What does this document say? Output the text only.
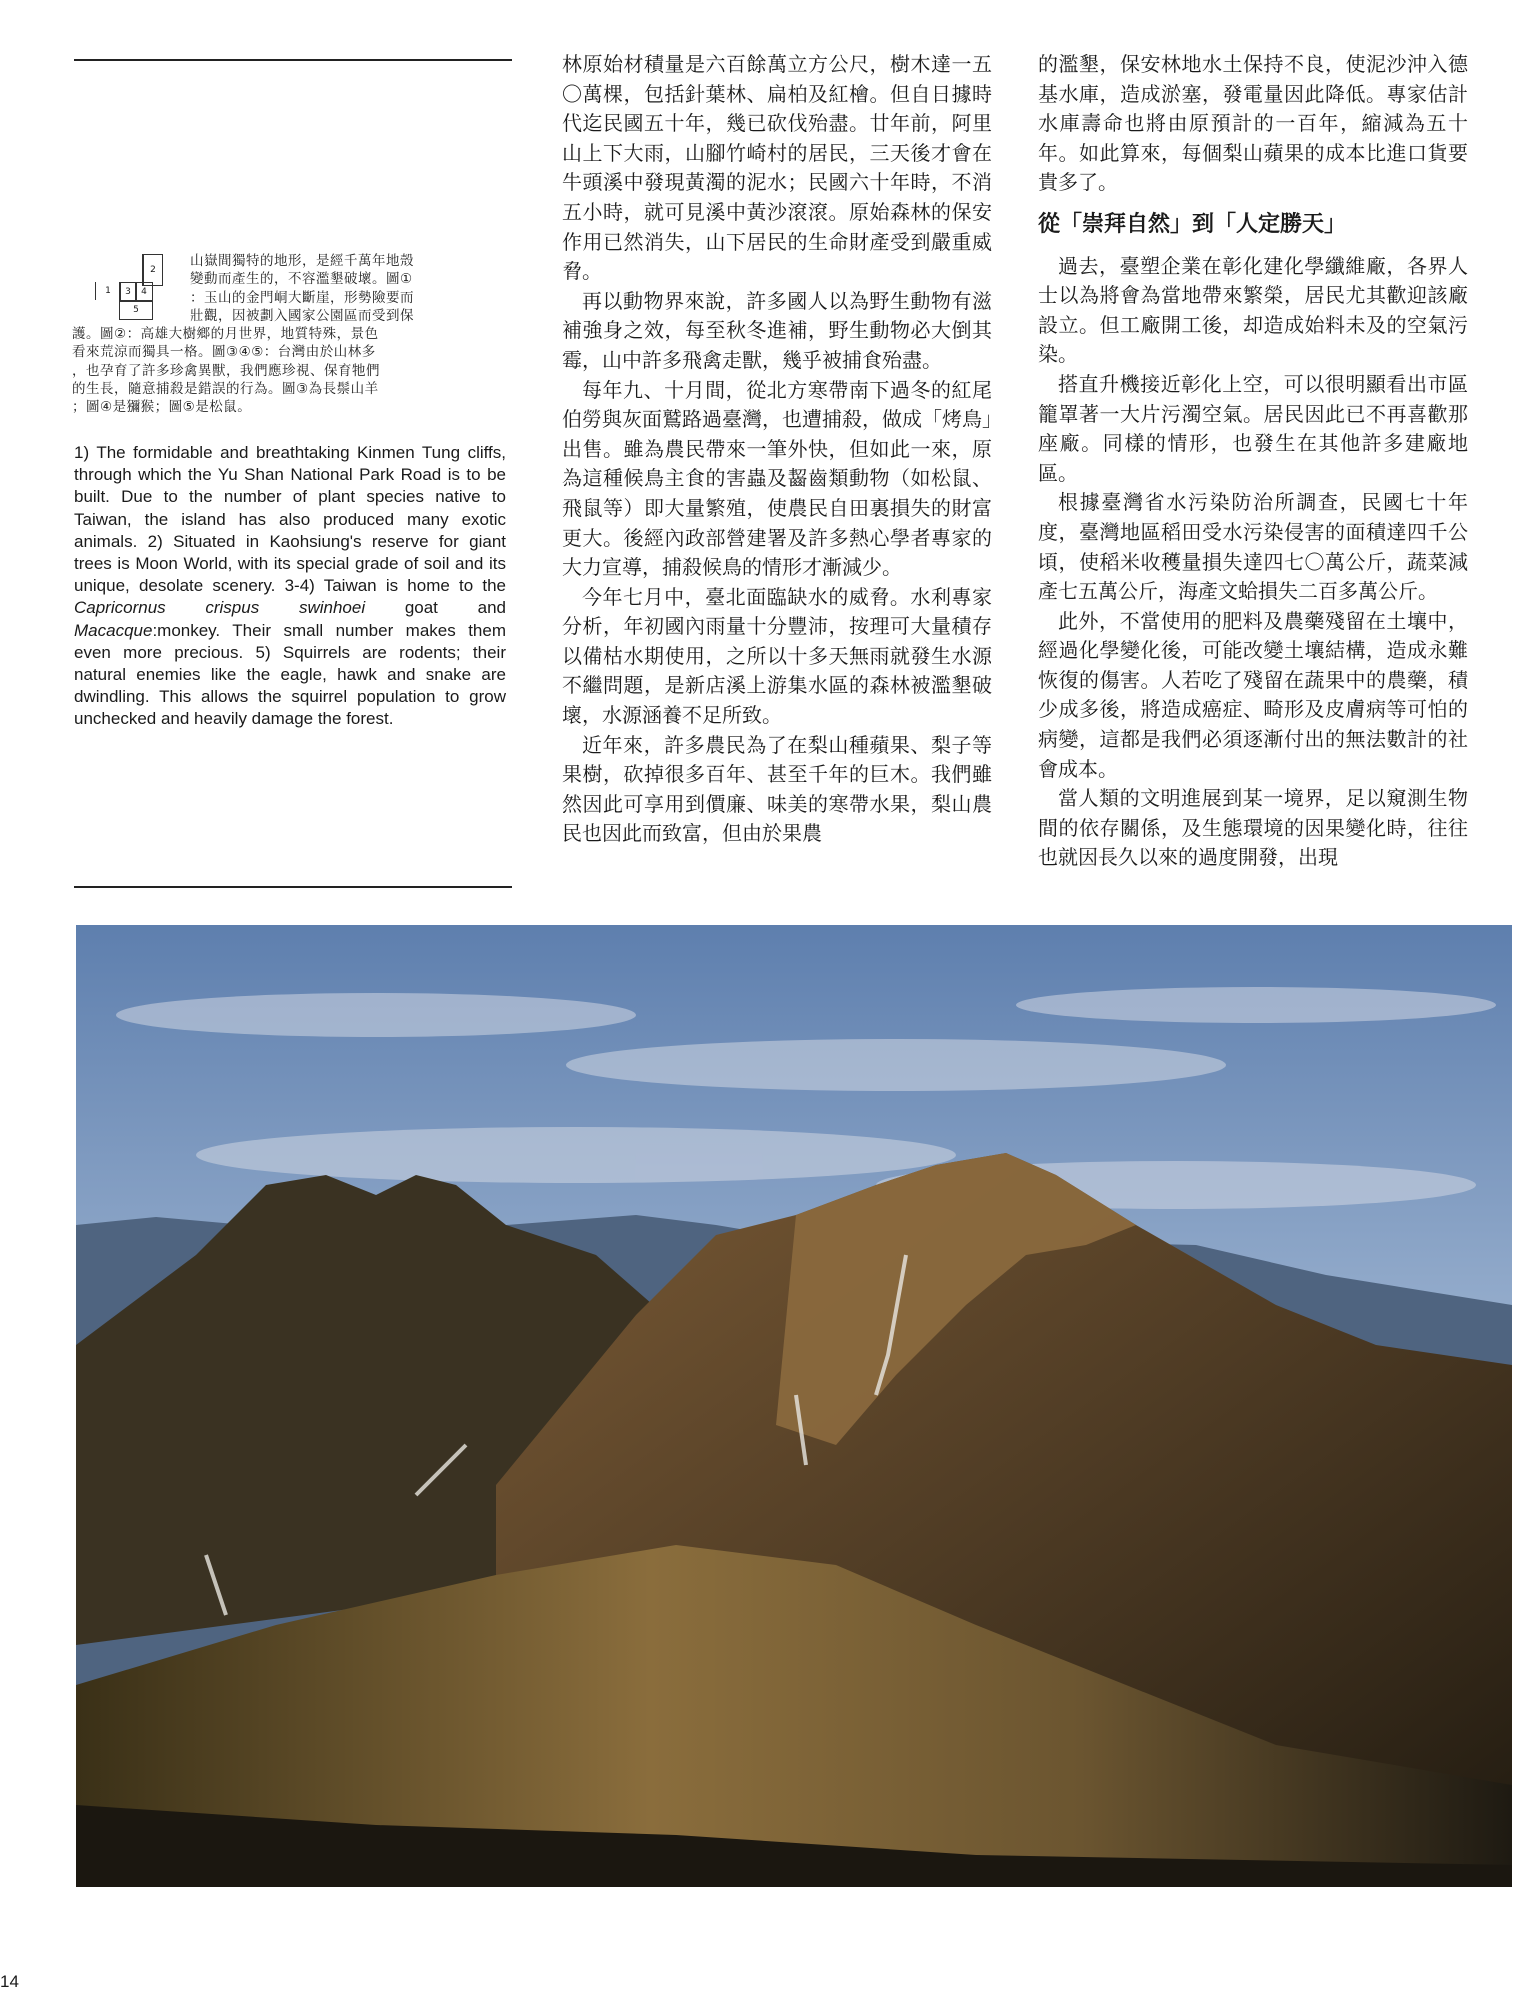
2
1 3 4
5
山嶽間獨特的地形，是經千萬年地殼
變動而產生的，不容濫墾破壞。圖①
：玉山的金門峒大斷崖，形勢險要而
壯觀，因被劃入國家公園區而受到保
護。圖②：高雄大樹鄉的月世界，地質特殊，景色
看來荒涼而獨具一格。圖③④⑤：台灣由於山林多
，也孕育了許多珍禽異獸，我們應珍視、保育牠們
的生長，隨意捕殺是錯誤的行為。圖③為長鬃山羊
；圖④是獼猴；圖⑤是松鼠。
1) The formidable and breathtaking Kinmen Tung cliffs, through which the Yu Shan National Park Road is to be built. Due to the number of plant species native to Taiwan, the island has also produced many exotic animals. 2) Situated in Kaohsiung's reserve for giant trees is Moon World, with its special grade of soil and its unique, desolate scenery. 3-4) Taiwan is home to the Capricornus crispus swinhoei goat and Macacque:monkey. Their small number makes them even more precious. 5) Squirrels are rodents; their natural enemies like the eagle, hawk and snake are dwindling. This allows the squirrel population to grow unchecked and heavily damage the forest.

林原始材積量是六百餘萬立方公尺，樹木達一五〇萬棵，包括針葉林、扁柏及紅檜。但自日據時代迄民國五十年，幾已砍伐殆盡。廿年前，阿里山上下大雨，山腳竹崎村的居民，三天後才會在牛頭溪中發現黃濁的泥水；民國六十年時，不消五小時，就可見溪中黃沙滾滾。原始森林的保安作用已然消失，山下居民的生命財產受到嚴重威脅。

再以動物界來說，許多國人以為野生動物有滋補強身之效，每至秋冬進補，野生動物必大倒其霉，山中許多飛禽走獸，幾乎被捕食殆盡。

每年九、十月間，從北方寒帶南下過冬的紅尾伯勞與灰面鷲路過臺灣，也遭捕殺，做成「烤鳥」出售。雖為農民帶來一筆外快，但如此一來，原為這種候鳥主食的害蟲及齧齒類動物（如松鼠、飛鼠等）即大量繁殖，使農民自田裏損失的財富更大。後經內政部營建署及許多熱心學者專家的大力宣導，捕殺候鳥的情形才漸減少。

今年七月中，臺北面臨缺水的威脅。水利專家分析，年初國內雨量十分豐沛，按理可大量積存以備枯水期使用，之所以十多天無雨就發生水源不繼問題，是新店溪上游集水區的森林被濫墾破壞，水源涵養不足所致。

近年來，許多農民為了在梨山種蘋果、梨子等果樹，砍掉很多百年、甚至千年的巨木。我們雖然因此可享用到價廉、味美的寒帶水果，梨山農民也因此而致富，但由於果農

的濫墾，保安林地水土保持不良，使泥沙沖入德基水庫，造成淤塞，發電量因此降低。專家估計水庫壽命也將由原預計的一百年，縮減為五十年。如此算來，每個梨山蘋果的成本比進口貨要貴多了。

從「崇拜自然」到「人定勝天」

過去，臺塑企業在彰化建化學纖維廠，各界人士以為將會為當地帶來繁榮，居民尤其歡迎該廠設立。但工廠開工後，却造成始料未及的空氣污染。

搭直升機接近彰化上空，可以很明顯看出市區籠罩著一大片污濁空氣。居民因此已不再喜歡那座廠。同樣的情形，也發生在其他許多建廠地區。

根據臺灣省水污染防治所調查，民國七十年度，臺灣地區稻田受水污染侵害的面積達四千公頃，使稻米收穫量損失達四七〇萬公斤，蔬菜減產七五萬公斤，海產文蛤損失二百多萬公斤。

此外，不當使用的肥料及農藥殘留在土壤中，經過化學變化後，可能改變土壤結構，造成永難恢復的傷害。人若吃了殘留在蔬果中的農藥，積少成多後，將造成癌症、畸形及皮膚病等可怕的病變，這都是我們必須逐漸付出的無法數計的社會成本。

當人類的文明進展到某一境界，足以窺測生物間的依存關係，及生態環境的因果變化時，往往也就因長久以來的過度開發，出現

14
